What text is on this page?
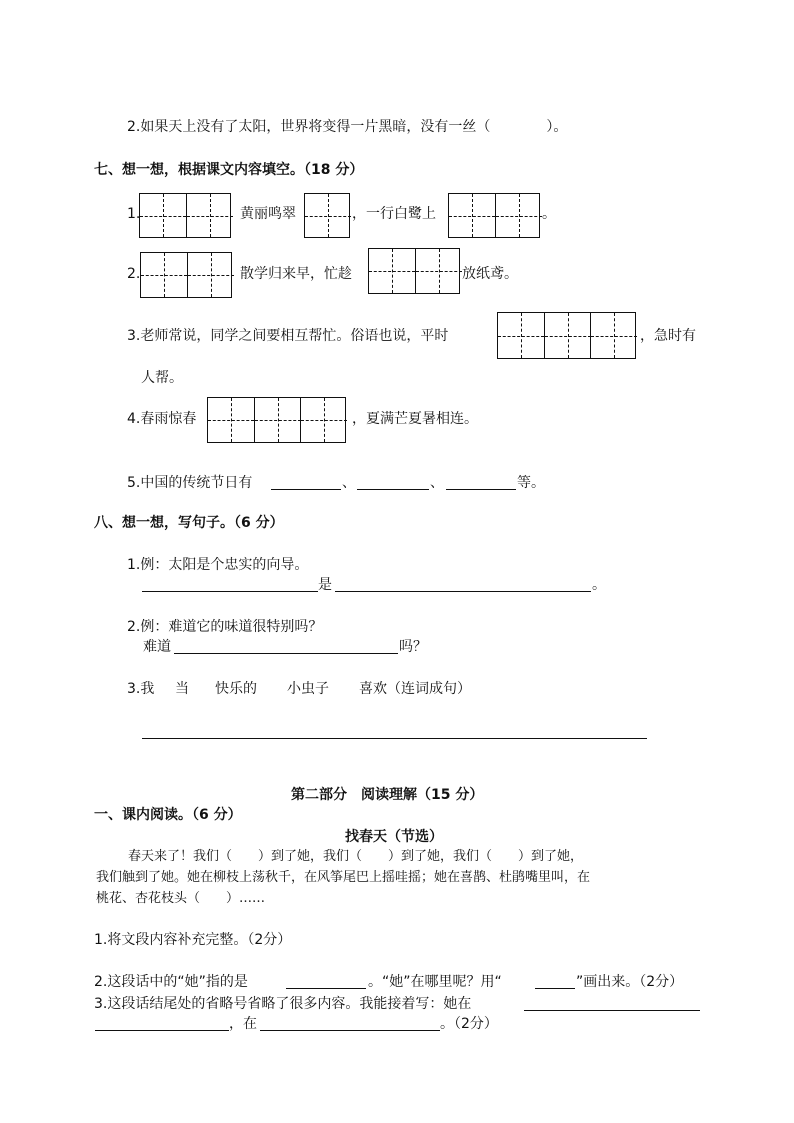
2.如果天上没有了太阳，世界将变得一片黑暗，没有一丝（　　　　）。
七、想一想，根据课文内容填空。（18 分）
1.	黄丽鸣翠	，一行白鹭上	。
2.	散学归来早，忙趁	放纸鸢。
3.老师常说，同学之间要相互帮忙。俗语也说，平时	，急时有
人帮。
4.春雨惊春	，夏满芒夏暑相连。
5.中国的传统节日有	、	、	等。
八、想一想，写句子。（6 分）
1.例：太阳是个忠实的向导。
是	。
2.例：难道它的味道很特别吗？
难道	吗？
3.我 当 快乐的 小虫子 喜欢（连词成句）
第二部分　阅读理解（15 分）
一、课内阅读。（6 分）
找春天（节选）
春天来了！我们（　　）到了她，我们（　　）到了她，我们（　　）到了她，
我们触到了她。她在柳枝上荡秋千，在风筝尾巴上摇哇摇；她在喜鹊、杜鹃嘴里叫，在
桃花、杏花枝头（　　）……
1.将文段内容补充完整。（2分）
2.这段话中的“她”指的是	。“她”在哪里呢？用“	”画出来。（2分）
3.这段话结尾处的省略号省略了很多内容。我能接着写：她在
，在	。（2分）
